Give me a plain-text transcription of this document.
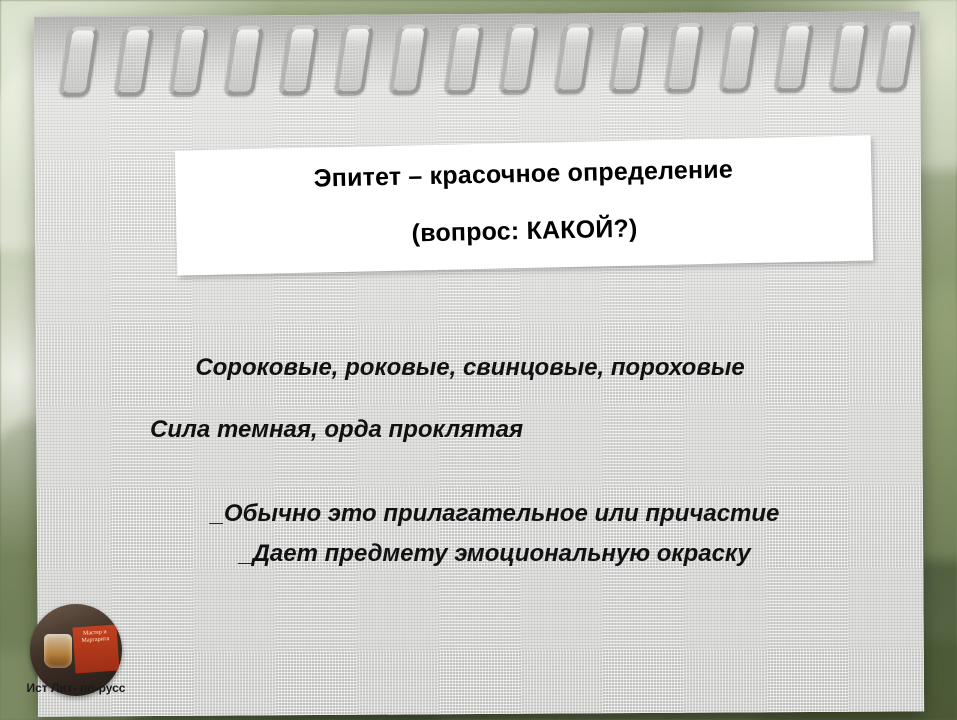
Эпитет – красочное определение
(вопрос: КАКОЙ?)
Сороковые, роковые, свинцовые, пороховые
Сила темная, орда проклятая
_Обычно это прилагательное или причастие
_Дает предмету эмоциональную окраску
Мастер и Маргарита
Ист Лит- по-русс
